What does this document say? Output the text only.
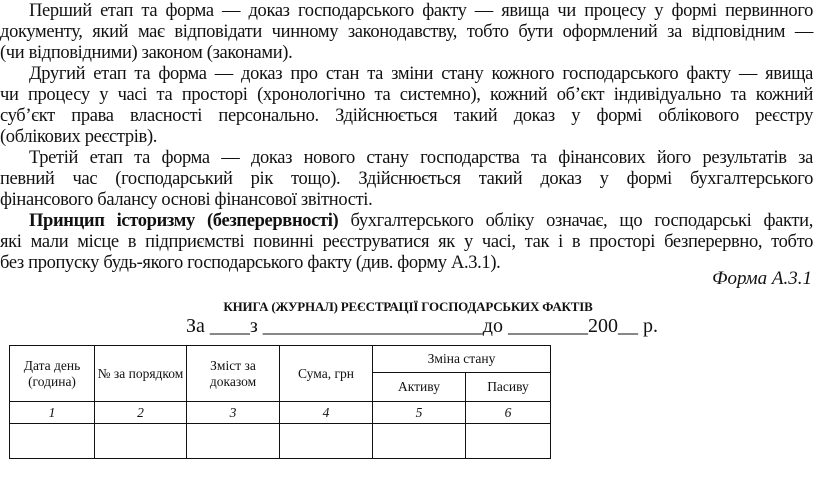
Перший етап та форма — доказ господарського факту — явища чи процесу у формі первинного
документу, який має відповідати чинному законодавству, тобто бути оформлений за відповідним —
(чи відповідними) законом (законами).
Другий етап та форма — доказ про стан та зміни стану кожного господарського факту — явища
чи процесу у часі та просторі (хронологічно та системно), кожний об’єкт індивідуально та кожний
суб’єкт права власності персонально. Здійснюється такий доказ у формі облікового реєстру
(облікових реєстрів).
Третій етап та форма — доказ нового стану господарства та фінансових його результатів за
певний час (господарський рік тощо). Здійснюється такий доказ у формі бухгалтерського
фінансового балансу основі фінансової звітності.
Принцип історизму (безперервності) бухгалтерського обліку означає, що господарські факти,
які мали місце в підприємстві повинні реєструватися як у часі, так і в просторі безперервно, тобто
без пропуску будь-якого господарського факту (див. форму А.3.1).
Форма А.3.1
КНИГА (ЖУРНАЛ) РЕЄСТРАЦІЇ ГОСПОДАРСЬКИХ ФАКТІВ
За ____з ______________________до ________200__ р.
Дата день (година)	№ за порядком	Зміст за доказом	Сума, грн	Зміна стану	
				Активу	Пасиву
1	2	3	4	5	6
